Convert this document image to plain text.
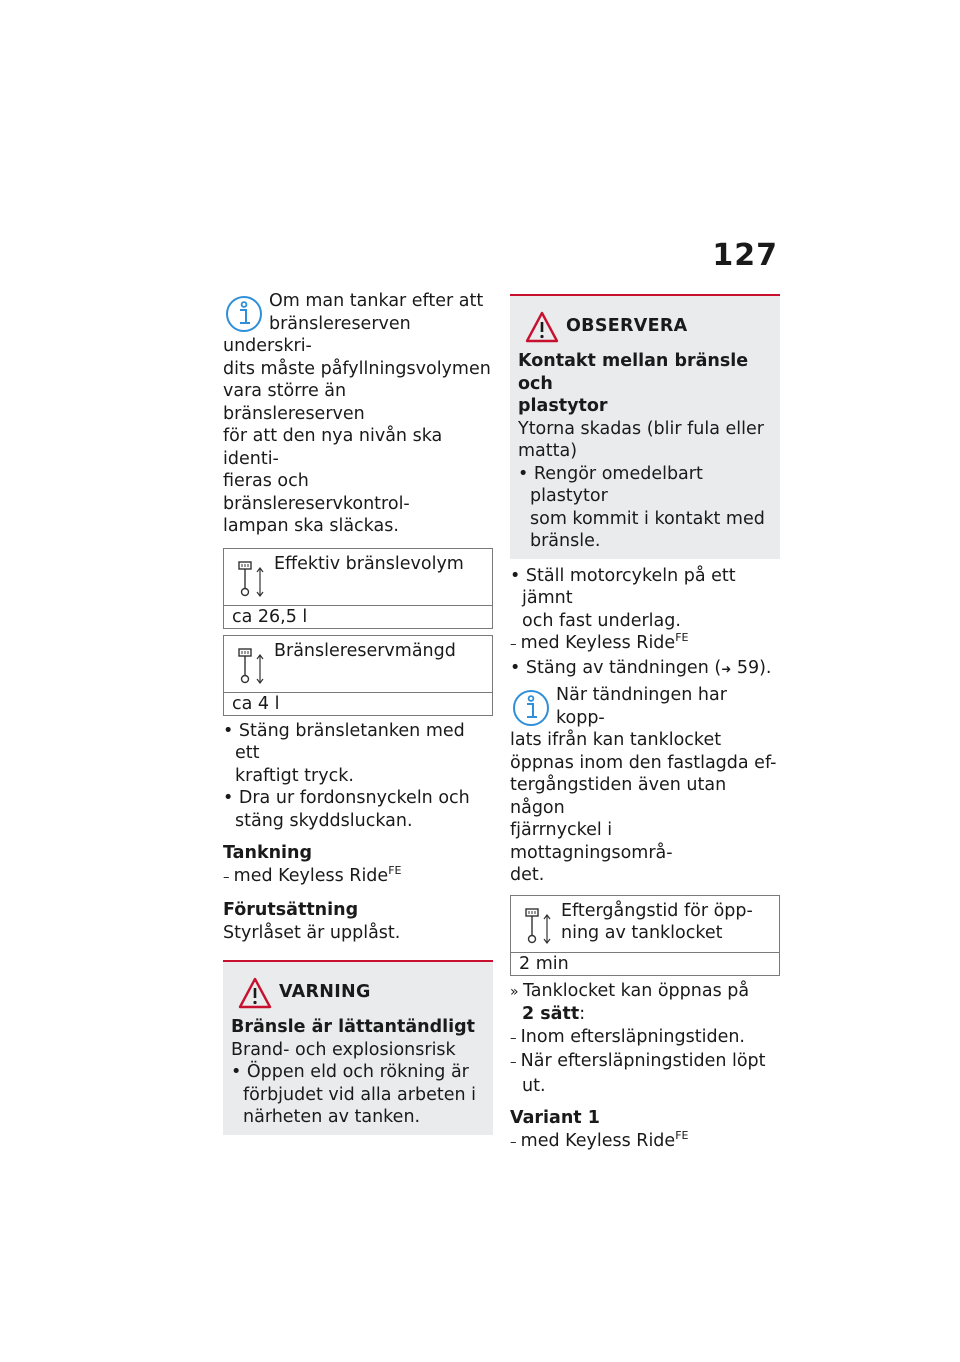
127

Om man tankar efter att

bränslereserven underskri-

dits måste påfyllningsvolymen

vara större än bränslereserven

för att den nya nivån ska identi-

fieras och bränslereservkontrol-

lampan ska släckas.

Effektiv bränslevolym
ca 26,5 l
Bränslereservmängd
ca 4 l

• Stäng bränsletanken med ett
kraftigt tryck.

• Dra ur fordonsnyckeln och
stäng skyddsluckan.

Tankning

– med Keyless Ride$^{FE}$

Förutsättning

Styrlåset är upplåst.

VARNING

Bränsle är lättantändligt

Brand- och explosionsrisk

• Öppen eld och rökning är
förbjudet vid alla arbeten i
närheten av tanken.

OBSERVERA

Kontakt mellan bränsle och
plastytor

Ytorna skadas (blir fula eller
matta)

• Rengör omedelbart plastytor
som kommit i kontakt med
bränsle.

• Ställ motorcykeln på ett jämnt
och fast underlag.

– med Keyless Ride$^{FE}$

• Stäng av tändningen (➜ 59).

När tändningen har kopp-

lats ifrån kan tanklocket

öppnas inom den fastlagda ef-

tergångstiden även utan någon

fjärrnyckel i mottagningsområ-

det.

Eftergångstid för öpp-
ning av tanklocket
2 min

» Tanklocket kan öppnas på
2 sätt:

– Inom eftersläpningstiden.

– När eftersläpningstiden löpt
ut.

Variant 1

– med Keyless Ride$^{FE}$
